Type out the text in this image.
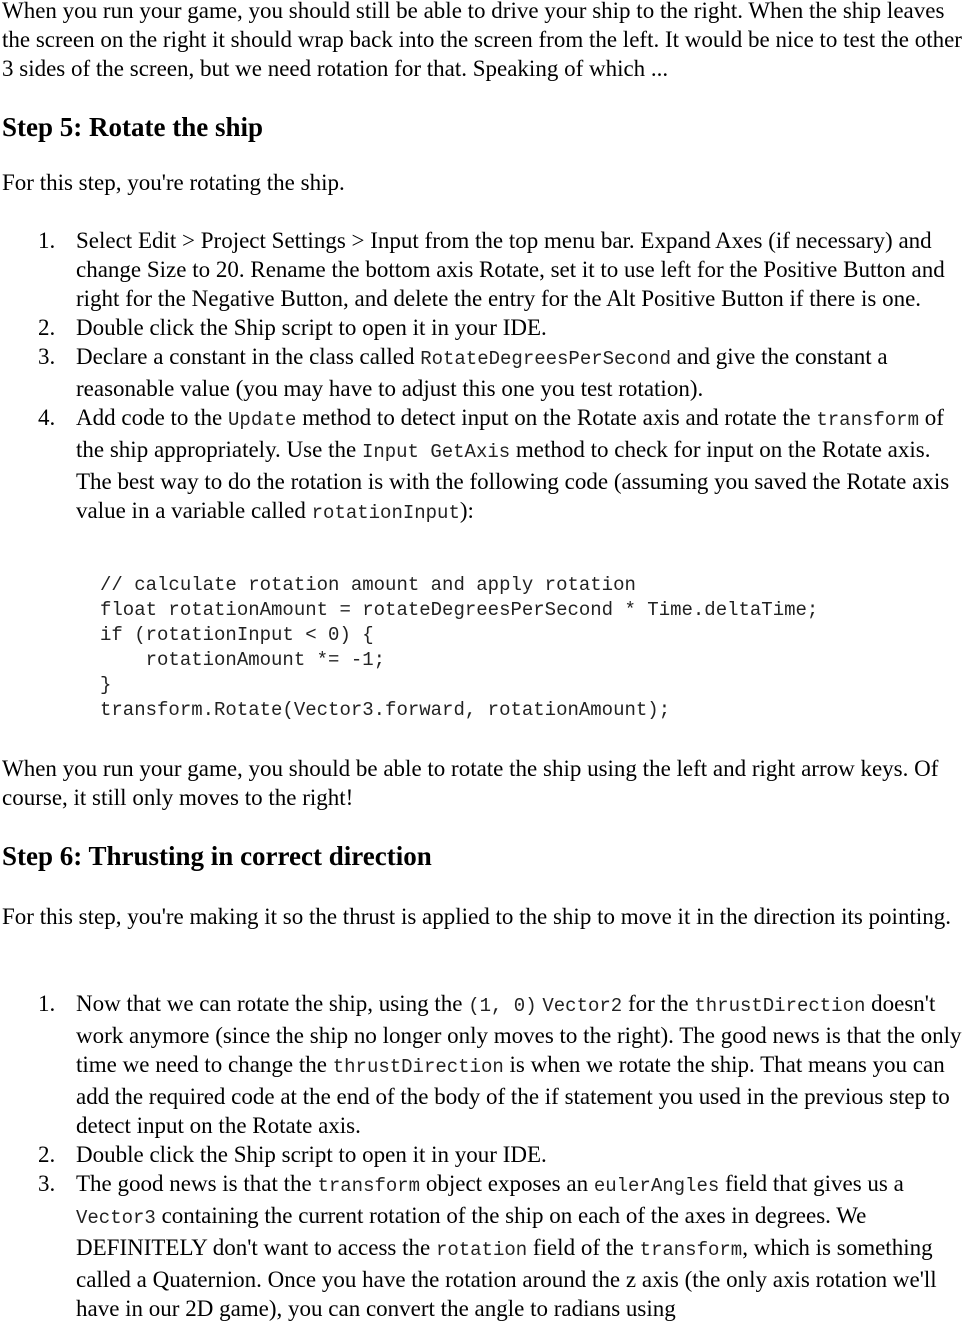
When you run your game, you should still be able to drive your ship to the right. When the ship leaves the screen on the right it should wrap back into the screen from the left. It would be nice to test the other 3 sides of the screen, but we need rotation for that. Speaking of which ...

Step 5: Rotate the ship

For this step, you're rotating the ship.

1. Select Edit > Project Settings > Input from the top menu bar. Expand Axes (if necessary) and change Size to 20. Rename the bottom axis Rotate, set it to use left for the Positive Button and right for the Negative Button, and delete the entry for the Alt Positive Button if there is one.
2. Double click the Ship script to open it in your IDE.
3. Declare a constant in the class called RotateDegreesPerSecond and give the constant a reasonable value (you may have to adjust this one you test rotation).
4. Add code to the Update method to detect input on the Rotate axis and rotate the transform of the ship appropriately. Use the Input GetAxis method to check for input on the Rotate axis. The best way to do the rotation is with the following code (assuming you saved the Rotate axis value in a variable called rotationInput):
// calculate rotation amount and apply rotation
float rotationAmount = rotateDegreesPerSecond * Time.deltaTime;
if (rotationInput < 0) {
rotationAmount *= -1;
}
transform.Rotate(Vector3.forward, rotationAmount);

When you run your game, you should be able to rotate the ship using the left and right arrow keys. Of course, it still only moves to the right!

Step 6: Thrusting in correct direction

For this step, you're making it so the thrust is applied to the ship to move it in the direction its pointing.

1. Now that we can rotate the ship, using the (1, 0) Vector2 for the thrustDirection doesn't work anymore (since the ship no longer only moves to the right). The good news is that the only time we need to change the thrustDirection is when we rotate the ship. That means you can add the required code at the end of the body of the if statement you used in the previous step to detect input on the Rotate axis.
2. Double click the Ship script to open it in your IDE.
3. The good news is that the transform object exposes an eulerAngles field that gives us a Vector3 containing the current rotation of the ship on each of the axes in degrees. We DEFINITELY don't want to access the rotation field of the transform, which is something called a Quaternion. Once you have the rotation around the z axis (the only axis rotation we'll have in our 2D game), you can convert the angle to radians using
